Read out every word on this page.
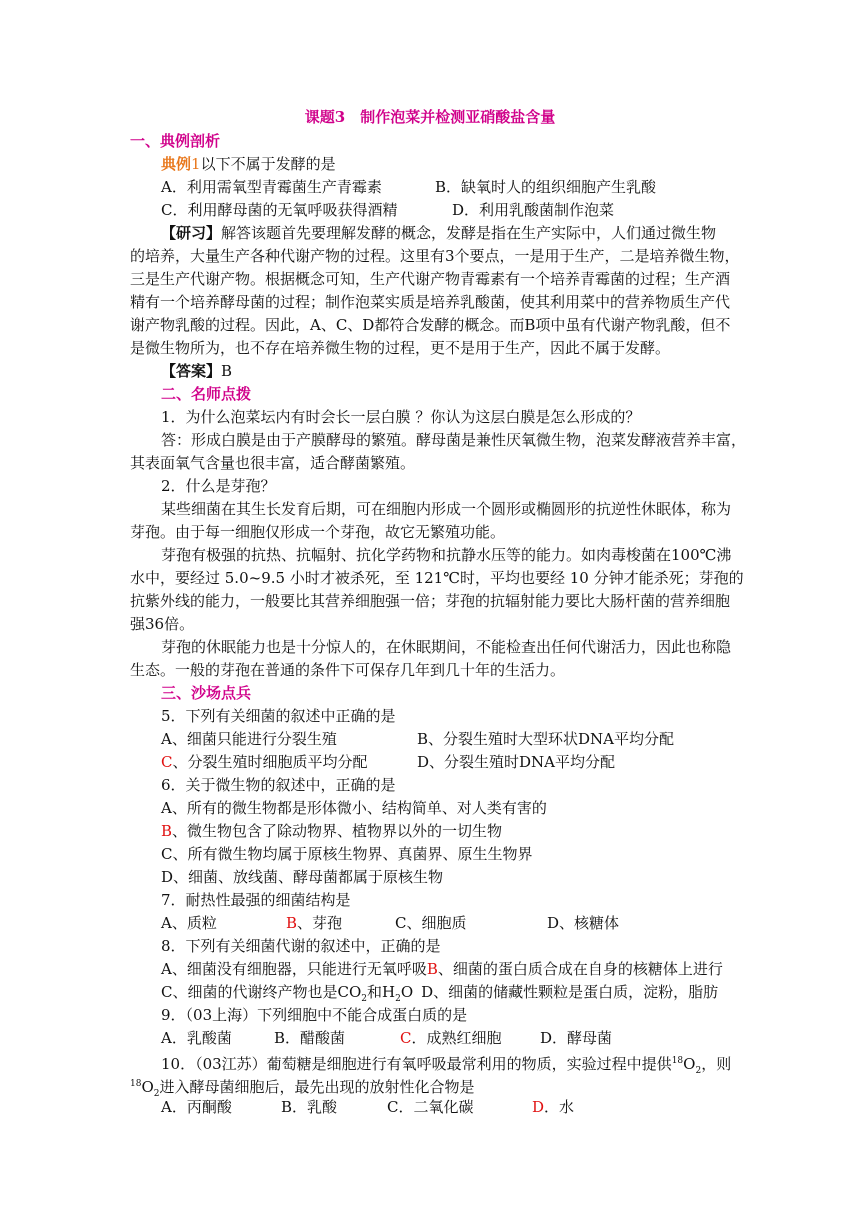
课题3　制作泡菜并检测亚硝酸盐含量
一、典例剖析
典例1以下不属于发酵的是
A．利用需氧型青霉菌生产青霉素	B．缺氧时人的组织细胞产生乳酸
C．利用酵母菌的无氧呼吸获得酒精	D．利用乳酸菌制作泡菜
【研习】解答该题首先要理解发酵的概念，发酵是指在生产实际中，人们通过微生物
的培养，大量生产各种代谢产物的过程。这里有3个要点，一是用于生产，二是培养微生物，
三是生产代谢产物。根据概念可知，生产代谢产物青霉素有一个培养青霉菌的过程；生产酒
精有一个培养酵母菌的过程；制作泡菜实质是培养乳酸菌，使其利用菜中的营养物质生产代
谢产物乳酸的过程。因此，A、C、D都符合发酵的概念。而B项中虽有代谢产物乳酸，但不
是微生物所为，也不存在培养微生物的过程，更不是用于生产，因此不属于发酵。
【答案】B
二、名师点拨
1．为什么泡菜坛内有时会长一层白膜 ？你认为这层白膜是怎么形成的？
答：形成白膜是由于产膜酵母的繁殖。酵母菌是兼性厌氧微生物，泡菜发酵液营养丰富，
其表面氧气含量也很丰富，适合酵菌繁殖。
2．什么是芽孢？
某些细菌在其生长发育后期，可在细胞内形成一个圆形或椭圆形的抗逆性休眠体，称为
芽孢。由于每一细胞仅形成一个芽孢，故它无繁殖功能。
芽孢有极强的抗热、抗幅射、抗化学药物和抗静水压等的能力。如肉毒梭菌在100℃沸
水中，要经过 5.0~9.5 小时才被杀死，至 121℃时，平均也要经 10 分钟才能杀死；芽孢的
抗紫外线的能力，一般要比其营养细胞强一倍；芽孢的抗辐射能力要比大肠杆菌的营养细胞
强36倍。
芽孢的休眠能力也是十分惊人的，在休眠期间，不能检查出任何代谢活力，因此也称隐
生态。一般的芽孢在普通的条件下可保存几年到几十年的生活力。
三、沙场点兵
5．下列有关细菌的叙述中正确的是
A、细菌只能进行分裂生殖	B、分裂生殖时大型环状DNA平均分配
C、分裂生殖时细胞质平均分配	D、分裂生殖时DNA平均分配
6．关于微生物的叙述中，正确的是
A、所有的微生物都是形体微小、结构简单、对人类有害的
B、微生物包含了除动物界、植物界以外的一切生物
C、所有微生物均属于原核生物界、真菌界、原生生物界
D、细菌、放线菌、酵母菌都属于原核生物
7．耐热性最强的细菌结构是
A、质粒	B、芽孢	C、细胞质	D、核糖体
8．下列有关细菌代谢的叙述中，正确的是
A、细菌没有细胞器，只能进行无氧呼吸B、细菌的蛋白质合成在自身的核糖体上进行
C、细菌的代谢终产物也是$CO_2$和$H_2O$ D、细菌的储藏性颗粒是蛋白质，淀粉，脂肪
9．（03上海）下列细胞中不能合成蛋白质的是
A．乳酸菌	B．醋酸菌	C．成熟红细胞	D．酵母菌
10．（03江苏）葡萄糖是细胞进行有氧呼吸最常利用的物质，实验过程中提供$^{18}O_2$，则
$^{18}O_2$进入酵母菌细胞后，最先出现的放射性化合物是
A．丙酮酸	B．乳酸	C．二氧化碳	D．水
